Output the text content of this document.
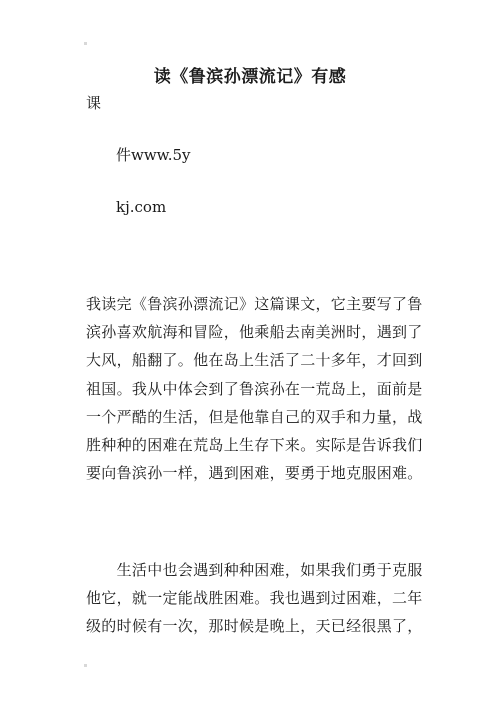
读《鲁滨孙漂流记》有感
课
件www.5y
kj.com
我读完《鲁滨孙漂流记》这篇课文，它主要写了鲁
滨孙喜欢航海和冒险，他乘船去南美洲时，遇到了
大风，船翻了。他在岛上生活了二十多年，才回到
祖国。我从中体会到了鲁滨孙在一荒岛上，面前是
一个严酷的生活，但是他靠自己的双手和力量，战
胜种种的困难在荒岛上生存下来。实际是告诉我们
要向鲁滨孙一样，遇到困难，要勇于地克服困难。
　　生活中也会遇到种种困难，如果我们勇于克服
他它，就一定能战胜困难。我也遇到过困难，二年
级的时候有一次，那时候是晚上，天已经很黑了，
